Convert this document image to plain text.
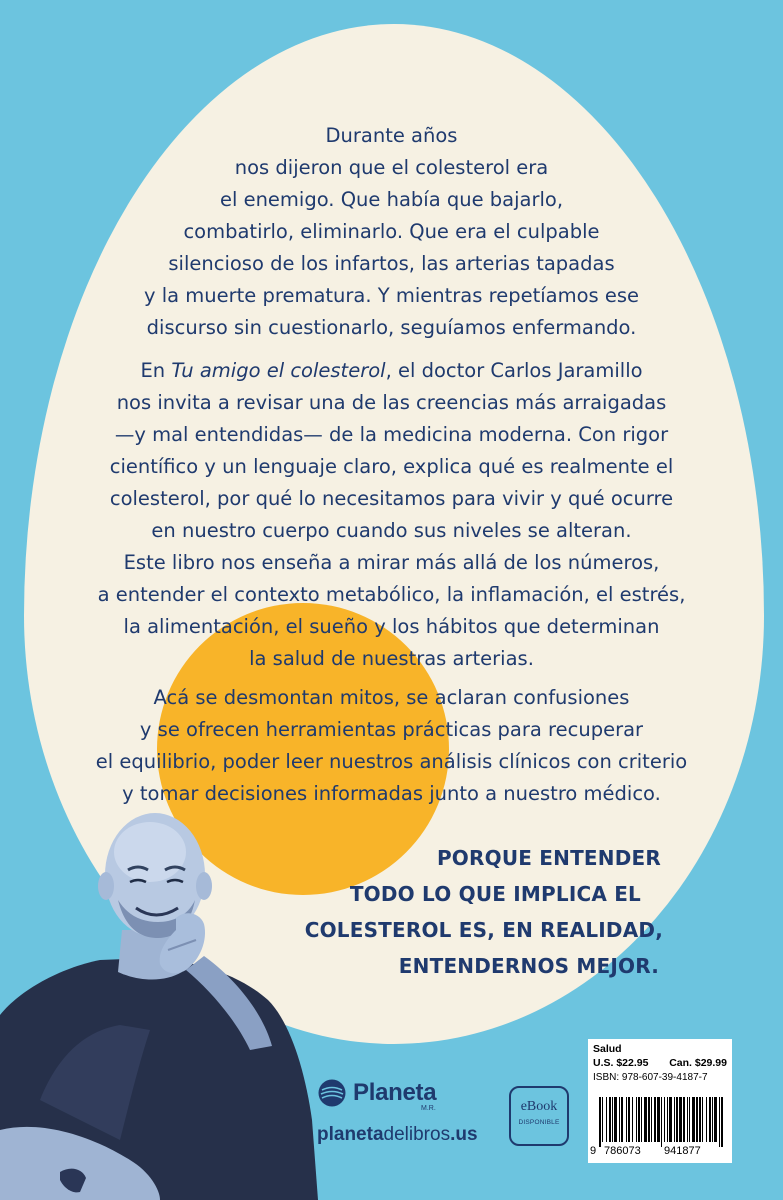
Durante años
nos dijeron que el colesterol era
el enemigo. Que había que bajarlo,
combatirlo, eliminarlo. Que era el culpable
silencioso de los infartos, las arterias tapadas
y la muerte prematura. Y mientras repetíamos ese
discurso sin cuestionarlo, seguíamos enfermando.

En Tu amigo el colesterol, el doctor Carlos Jaramillo
nos invita a revisar una de las creencias más arraigadas
—y mal entendidas— de la medicina moderna. Con rigor
científico y un lenguaje claro, explica qué es realmente el
colesterol, por qué lo necesitamos para vivir y qué ocurre
en nuestro cuerpo cuando sus niveles se alteran.

Este libro nos enseña a mirar más allá de los números,
a entender el contexto metabólico, la inflamación, el estrés,
la alimentación, el sueño y los hábitos que determinan
la salud de nuestras arterias.

Acá se desmontan mitos, se aclaran confusiones
y se ofrecen herramientas prácticas para recuperar
el equilibrio, poder leer nuestros análisis clínicos con criterio
y tomar decisiones informadas junto a nuestro médico.

PORQUE ENTENDER
TODO LO QUE IMPLICA EL
COLESTEROL ES, EN REALIDAD,
ENTENDERNOS MEJOR.

Planeta
M.R.
planetadelibros.us
eBook
DISPONIBLE
Salud
U.S. $22.95 Can. $29.99
ISBN: 978-607-39-4187-7
9 786073	941877
